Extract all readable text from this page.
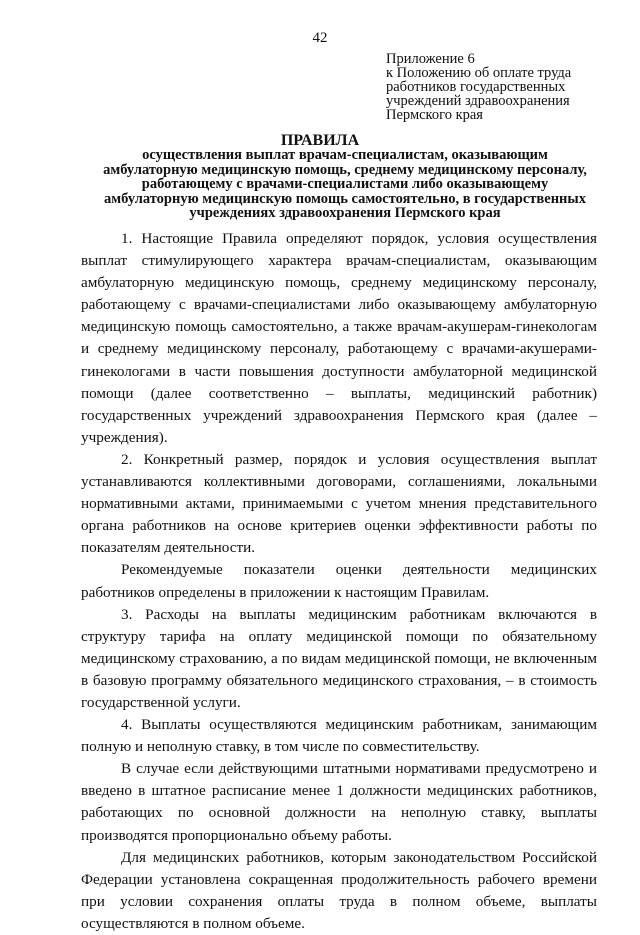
42
Приложение 6
к Положению об оплате труда
работников государственных
учреждений здравоохранения
Пермского края
ПРАВИЛА
осуществления выплат врачам-специалистам, оказывающим
амбулаторную медицинскую помощь, среднему медицинскому персоналу,
работающему с врачами-специалистами либо оказывающему
амбулаторную медицинскую помощь самостоятельно, в государственных
учреждениях здравоохранения Пермского края

1. Настоящие Правила определяют порядок, условия осуществления выплат стимулирующего характера врачам-специалистам, оказывающим амбулаторную медицинскую помощь, среднему медицинскому персоналу, работающему с врачами-специалистами либо оказывающему амбулаторную медицинскую помощь самостоятельно, а также врачам-акушерам-гинекологам и среднему медицинскому персоналу, работающему с врачами-акушерами-гинекологами в части повышения доступности амбулаторной медицинской помощи (далее соответственно – выплаты, медицинский работник) государственных учреждений здравоохранения Пермского края (далее – учреждения).

2. Конкретный размер, порядок и условия осуществления выплат устанавливаются коллективными договорами, соглашениями, локальными нормативными актами, принимаемыми с учетом мнения представительного органа работников на основе критериев оценки эффективности работы по показателям деятельности.

Рекомендуемые показатели оценки деятельности медицинских работников определены в приложении к настоящим Правилам.

3. Расходы на выплаты медицинским работникам включаются в структуру тарифа на оплату медицинской помощи по обязательному медицинскому страхованию, а по видам медицинской помощи, не включенным в базовую программу обязательного медицинского страхования, – в стоимость государственной услуги.

4. Выплаты осуществляются медицинским работникам, занимающим полную и неполную ставку, в том числе по совместительству.

В случае если действующими штатными нормативами предусмотрено и введено в штатное расписание менее 1 должности медицинских работников, работающих по основной должности на неполную ставку, выплаты производятся пропорционально объему работы.

Для медицинских работников, которым законодательством Российской Федерации установлена сокращенная продолжительность рабочего времени при условии сохранения оплаты труда в полном объеме, выплаты осуществляются в полном объеме.
